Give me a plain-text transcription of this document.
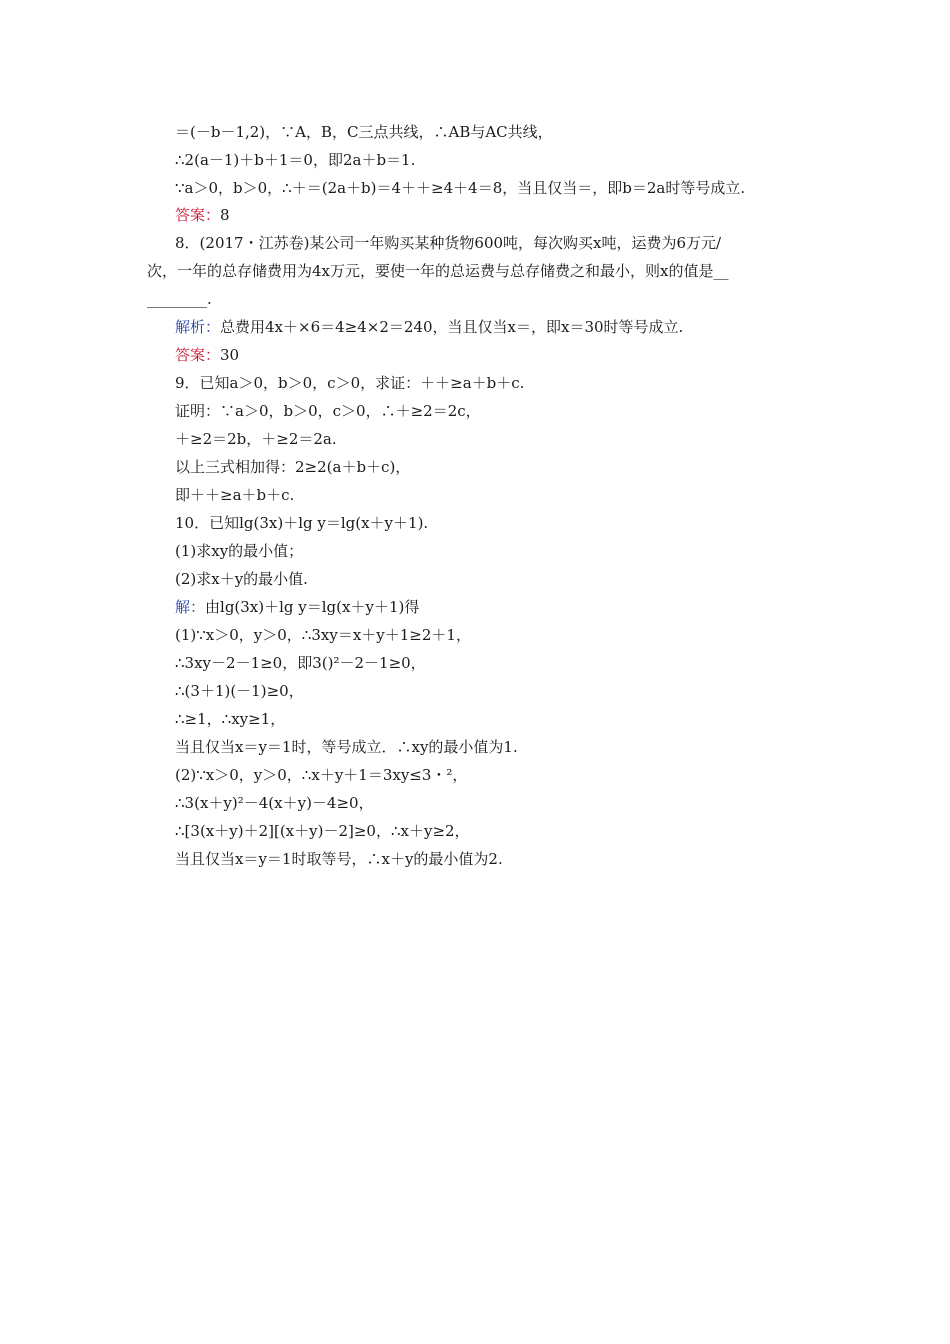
＝(－b－1,2)，∵A，B，C三点共线，∴AB与AC共线，
∴2(a－1)＋b＋1＝0，即2a＋b＝1.
∵a＞0，b＞0，∴＋＝(2a＋b)＝4＋＋≥4＋4＝8，当且仅当＝，即b＝2a时等号成立.
答案：8
8．(2017・江苏卷)某公司一年购买某种货物600吨，每次购买x吨，运费为6万元/
次，一年的总存储费用为4x万元，要使一年的总运费与总存储费之和最小，则x的值是__
________.
解析：总费用4x＋×6＝4≥4×2＝240，当且仅当x＝，即x＝30时等号成立.
答案：30
9．已知a＞0，b＞0，c＞0，求证：＋＋≥a＋b＋c.
证明：∵a＞0，b＞0，c＞0，∴＋≥2＝2c，
＋≥2＝2b，＋≥2＝2a.
以上三式相加得：2≥2(a＋b＋c)，
即＋＋≥a＋b＋c.
10．已知lg(3x)＋lg y＝lg(x＋y＋1).
(1)求xy的最小值；
(2)求x＋y的最小值.
解：由lg(3x)＋lg y＝lg(x＋y＋1)得
(1)∵x＞0，y＞0，∴3xy＝x＋y＋1≥2＋1，
∴3xy－2－1≥0，即3()²－2－1≥0，
∴(3＋1)(－1)≥0，
∴≥1，∴xy≥1，
当且仅当x＝y＝1时，等号成立．∴xy的最小值为1.
(2)∵x＞0，y＞0，∴x＋y＋1＝3xy≤3・²，
∴3(x＋y)²－4(x＋y)－4≥0，
∴[3(x＋y)＋2][(x＋y)－2]≥0，∴x＋y≥2，
当且仅当x＝y＝1时取等号，∴x＋y的最小值为2.
